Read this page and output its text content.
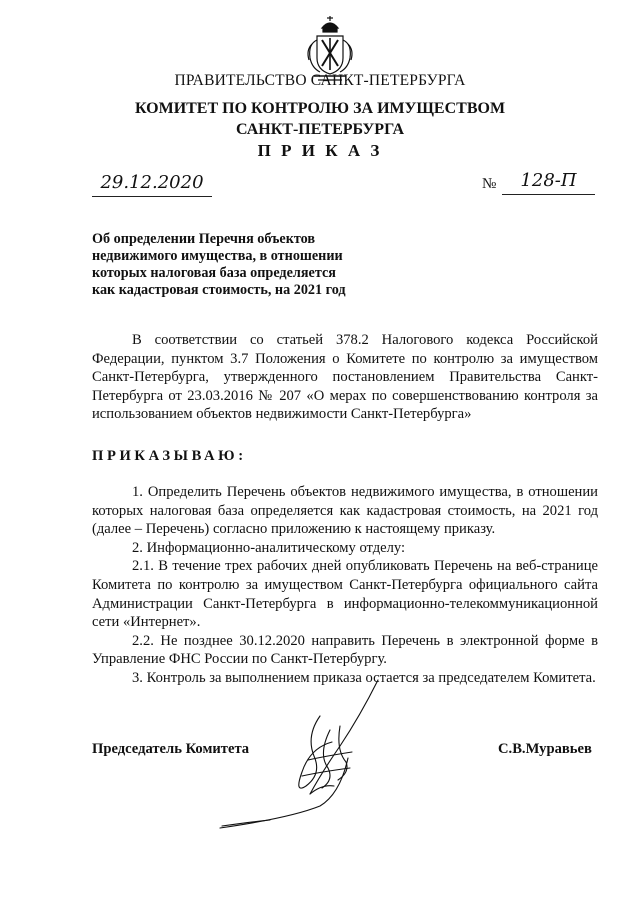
ПРАВИТЕЛЬСТВО САНКТ-ПЕТЕРБУРГА
КОМИТЕТ ПО КОНТРОЛЮ ЗА ИМУЩЕСТВОМ
САНКТ-ПЕТЕРБУРГА
П Р И К А З
29.12.2020	№	128-П
Об определении Перечня объектов
недвижимого имущества, в отношении
которых налоговая база определяется
как кадастровая стоимость, на 2021 год
В соответствии со статьей 378.2 Налогового кодекса Российской Федерации, пунктом 3.7 Положения о Комитете по контролю за имуществом Санкт-Петербурга, утвержденного постановлением Правительства Санкт-Петербурга от 23.03.2016 № 207 «О мерах по совершенствованию контроля за использованием объектов недвижимости Санкт-Петербурга»
ПРИКАЗЫВАЮ:

1. Определить Перечень объектов недвижимого имущества, в отношении которых налоговая база определяется как кадастровая стоимость, на 2021 год (далее – Перечень) согласно приложению к настоящему приказу.

2. Информационно-аналитическому отделу:

2.1. В течение трех рабочих дней опубликовать Перечень на веб-странице Комитета по контролю за имуществом Санкт-Петербурга официального сайта Администрации Санкт-Петербурга в информационно-телекоммуникационной сети «Интернет».

2.2. Не позднее 30.12.2020 направить Перечень в электронной форме в Управление ФНС России по Санкт-Петербургу.

3. Контроль за выполнением приказа остается за председателем Комитета.

Председатель Комитета	С.В.Муравьев
